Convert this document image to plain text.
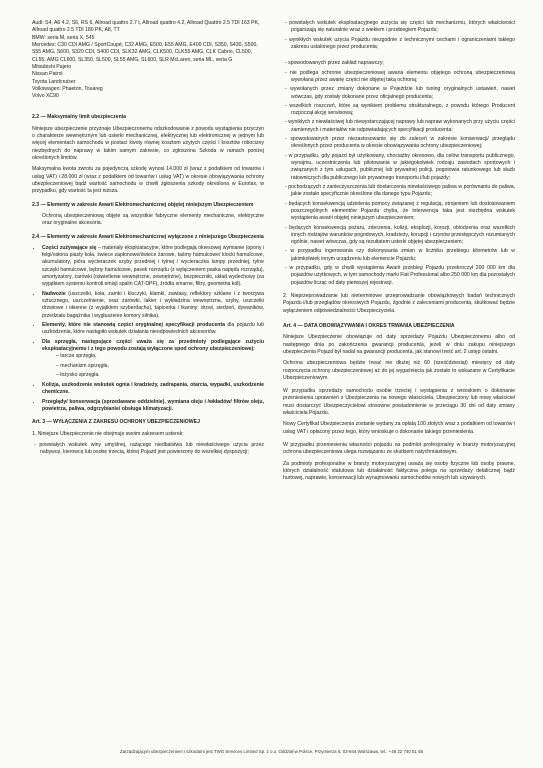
Audi: S4, A6 4.2, S6, RS 6, Allroad quattro 2.7 t, Allroad quattro 4.2, Allroad Quattro 2.5 TDI 163 PK, Allroad quattro 2.5 TDI 180 PK, A8, TT
BMW: seria M, seria X, 545
Mercedes: C30 CDI AMG / SportCoupé, C32 AMG, E500, E55 AMG, E400 CDI, S350, S430, S500, S55 AMG, S600, S320 CDI, S400 CDI, SLK32 AMG, CLK500, CLK55 AMG, CLK Cabrio, CL500, CL55, AMG CL600, SL350, SL500, SL55 AMG, SL600, SLR McLaren, seria ML, seria G
Mitsubishi Pajero
Nissan Patrol
Toyota Landcruiser
Volkswagen: Phaeton, Touareg
Volvo XC90
2.2 — Maksymalny limit ubezpieczenia

Niniejsze ubezpieczenie przyznaje Ubezpieczonemu odszkodowanie z powodu wystąpienia przyczyn o charakterze wewnętrznym lub usterki mechanicznej, elektrycznej lub elektronicznej w jednym lub więcej elementach samochodu w postaci kwoty równej kosztom użytych części i kosztów robocizny niezbędnych do naprawy w takim samym zakresie, co zgłoszona Szkoda w ramach poniżej określonych limitów.

Maksymalna kwota zwrotu za pojedynczą szkodę wynosi 14.000 zł (wraz z podatkiem od towarów i usług VAT) i 28.000 zł (wraz z podatkiem od towarów i usług VAT) w okresie obowiązywania ochrony ubezpieczeniowej bądź wartość samochodu w chwili zgłoszenia szkody określona w Eurotax, w przypadku, gdy wartość ta jest niższa.

2.3 — Elementy w zakresie Awarii Elektromechanicznej objętej niniejszym Ubezpieczeniem

Ochroną ubezpieczeniową objęte są wszystkie fabryczne elementy mechaniczne, elektryczne oraz oryginalne akcesoria.

2.4 — Elementy w zakresie Awarii Elektromechanicznej wyłączone z niniejszego Ubezpieczenia
• Części zużywające się – materiały eksploatacyjne, które podlegają okresowej wymianie (opony i felgi/osłona piasty koła, świece zapłonowe/świece żarowe, taśmy hamulcowe/ klocki hamulcowe, akumulatory, pióra wycieraczek szyby przedniej i tylnej / wycieraczka lampy przedniej, tylne szczęki hamulcowe, bębny hamulcowe, pasek rozrządu (z wyłączeniem paska napędu rozrządu), amortyzatory, żarówki (oświetlenie wewnętrzne, zewnętrzne), bezpieczniki, układ wydechowy (za wyjątkiem systemu kontroli emisji spalin CAT-DPF), źródła smarne, filtry, geometria kół).
• Nadwozie (uszczelki, koła, zamki i kluczyki, klamki, zawiasy, reflektory szklane i z tworzywa sztucznego, uszczelnienie, oraz żarówki, lakier i wykładzina wewnętrzna, szyby, uszczelki drzwiowe i okienne (z wyjątkiem szyberdachu), tapicerka i tkaniny: drzwi, siedzeń, dywaników, przedziału bagażnika i wygłuszenie komory silnika).
• Elementy, które nie stanowią części oryginalnej specyfikacji producenta dla pojazdu lub uszkodzenia, które nastąpiło wskutek działania nieodpowiednich akcesoriów.
• Dla sprzęgła, następujące części uważa się za przedmioty podlegające zużyciu eksploatacyjnemu i z tego powodu zostają wyłączone spod ochrony ubezpieczeniowej:
– tarcza sprzęgła,
– mechanizm sprzęgła,
– łożysko sprzęgła.
• Kolizja, uszkodzenie wskutek ognia i kradzieży, zadrapania, otarcia, wypadki, uszkodzenie chemiczne.
• Przeglądy/ konserwacja (sprzedawane oddzielnie), wymiana oleju i /wkładów/ filtrów oleju, powietrza, paliwa, odgrzybianie/ obsługa klimatyzacji.
Art. 3 — WYŁĄCZENIA Z ZAKRESU OCHRONY UBEZPIECZENIOWEJ

1. Niniejsze Ubezpieczenie nie obejmuje swoim zakresem usterek:

- powstałych wskutek winy umyślnej, rażącego niedbalstwa lub niewłaściwego użycia przez nabywcę, kierowcę lub osobę trzecią, której Pojazd jest powierzony do wszelkiej dyspozycji;
- powstałych wskutek eksploatacyjnego zużycia się części lub mechanizmu, których właściwości pogarszają się naturalnie wraz z wiekiem i przebiegiem Pojazdu;
- wynikłych wskutek użycia Pojazdu niezgodnie z technicznymi cechami i ograniczeniami takiego zakresu ustalonego przez producenta;
- spowodowanych przez zakład naprawczy;
- nie podlega ochronie ubezpieczeniowej awaria elementu objętego ochroną ubezpieczeniową wywołana przez awarię części nie objętej taką ochroną;
- wywołanych przez zmiany dokonane w Pojeździe lub tuning oryginalnych ustawień, nawet wówczas, gdy zostały dokonane przez oficjalnego producenta;
- wszelkich roszczeń, które są wynikiem problemu strukturalnego, z powodu którego Producent rozpoczął akcję serwisową;
- wynikłych z niewłaściwej lub niewystarczającej naprawy lub napraw wykonanych przy użyciu części zamiennych i materiałów nie odpowiadających specyfikacji producenta;
- spowodowanych przez niezastosowanie się do zaleceń w zakresie konserwacji/ przeglądu określonych przez producenta w okresie obowiązywania ochrony ubezpieczeniowej;
- w przypadku, gdy pojazd był użytkowany, chociażby okresowo, dla celów transportu publicznego, wynajmu, uczestniczenia lub pilotowania w jakiegokolwiek rodzaju zawodach sportowych i związanych z tym usługach, publicznej lub prywatnej policji, pogotowia ratunkowego lub służb ratowniczych dla publicznego lub prywatnego transportu i/lub pojazdy;
- pochodzących z zanieczyszczenia lub dostarczenia niewłaściwego paliwa w porównaniu do paliwa, jakie zostało specyficznie określone dla danego typu Pojazdu;
- będących konsekwencją udzielenia pomocy związanej z regulacją, strojeniem lub dostosowaniem poszczególnych elementów Pojazdu chyba, że interwencja taka jest niezbędna wskutek wystąpienia awarii objętej niniejszym ubezpieczeniem;
- będących konsekwencją pożaru, zderzenia, kolizji, eksplozji, korozji, oblodzenia oraz wszelkich innych rodzajów warunków pogodowych, kradzieży, korupcji i czynów przestępczych rozumianych ogólnie, nawet wówczas, gdy są rezultatem usterki objętej ubezpieczeniem;
- w przypadku ingerowania czy dokonywania zmian w liczniku przebiegu kilometrów lub w jakimkolwiek innym urządzeniu lub elemencie Pojazdu;
- w przypadku, gdy w chwili wystąpienia Awarii przebieg Pojazdu przekroczył 200 000 km dla pojazdów użytkowych, w tym samochody marki Fiat Professional albo 250 000 km dla pozostałych pojazdów licząc od daty pierwszej rejestracji.

2. Nieprzeprowadzanie lub nieterminowe przeprowadzanie obowiązkowych badań technicznych Pojazdu i/lub przeglądów okresowych Pojazdu, zgodnie z zaleceniami producenta, skutkować będzie wyłączeniem odpowiedzialności Ubezpieczyciela.

Art. 4 — DATA OBOWIĄZYWANIA I OKRES TRWANIA UBEZPIECZENIA

Niniejsze Ubezpieczenie obowiązuje od daty sprzedaży Pojazdu Ubezpieczonemu albo od następnego dnia po zakończeniu gwarancji producenta, jeżeli w dniu zakupu niniejszego ubezpieczenia Pojazd był nadal na gwarancji producenta, jak stanowi treść art. 2 ustęp ostatni.

Ochrona ubezpieczeniowa będzie trwać nie dłużej niż 60 (sześćdziesiąt) miesięcy od daty rozpoczęcia ochrony ubezpieczeniowej aż do jej wygaśnięcia jak zostało to wskazane w Certyfikacie Ubezpieczeniowym.

W przypadku sprzedaży samochodu osobie trzeciej i wystąpienia z wnioskiem o dokonanie przeniesienia uprawnień z Ubezpieczenia na nowego właściciela, Ubezpieczony lub nowy właściciel musi dostarczyć Ubezpieczycielowi stosowne powiadomienie w przeciągu 30 dni od daty zmiany właściciela Pojazdu.

Nowy Certyfikat Ubezpieczenia zostanie wydany za opłatą 100 złotych wraz z podatkiem od towarów i usług VAT i opłacony przez tego, który wnioskuje o dokonanie takiego przeniesienia.

W przypadku przeniesienia własności pojazdu na podmiot profesjonalny w branży motoryzacyjnej ochrona ubezpieczeniowa ulega rozwiązaniu ze skutkiem natychmiastowym.

Za podmioty profesjonalne w branży motoryzacyjnej uważa się osoby fizyczne lub osoby prawne, których działalność statutowa lub działalność faktyczna polega na sprzedaży detalicznej bądź hurtowej, naprawie, konserwacji lub wynajmowaniu samochodów nowych lub używanych.

Zarządzającym ubezpieczeniem i szkodami jest TWG Services Limited Sp. z o.o. Oddział w Polsce, Przymierza 6, 03-944 Warszawa, tel.: +48 22 740 51 65
